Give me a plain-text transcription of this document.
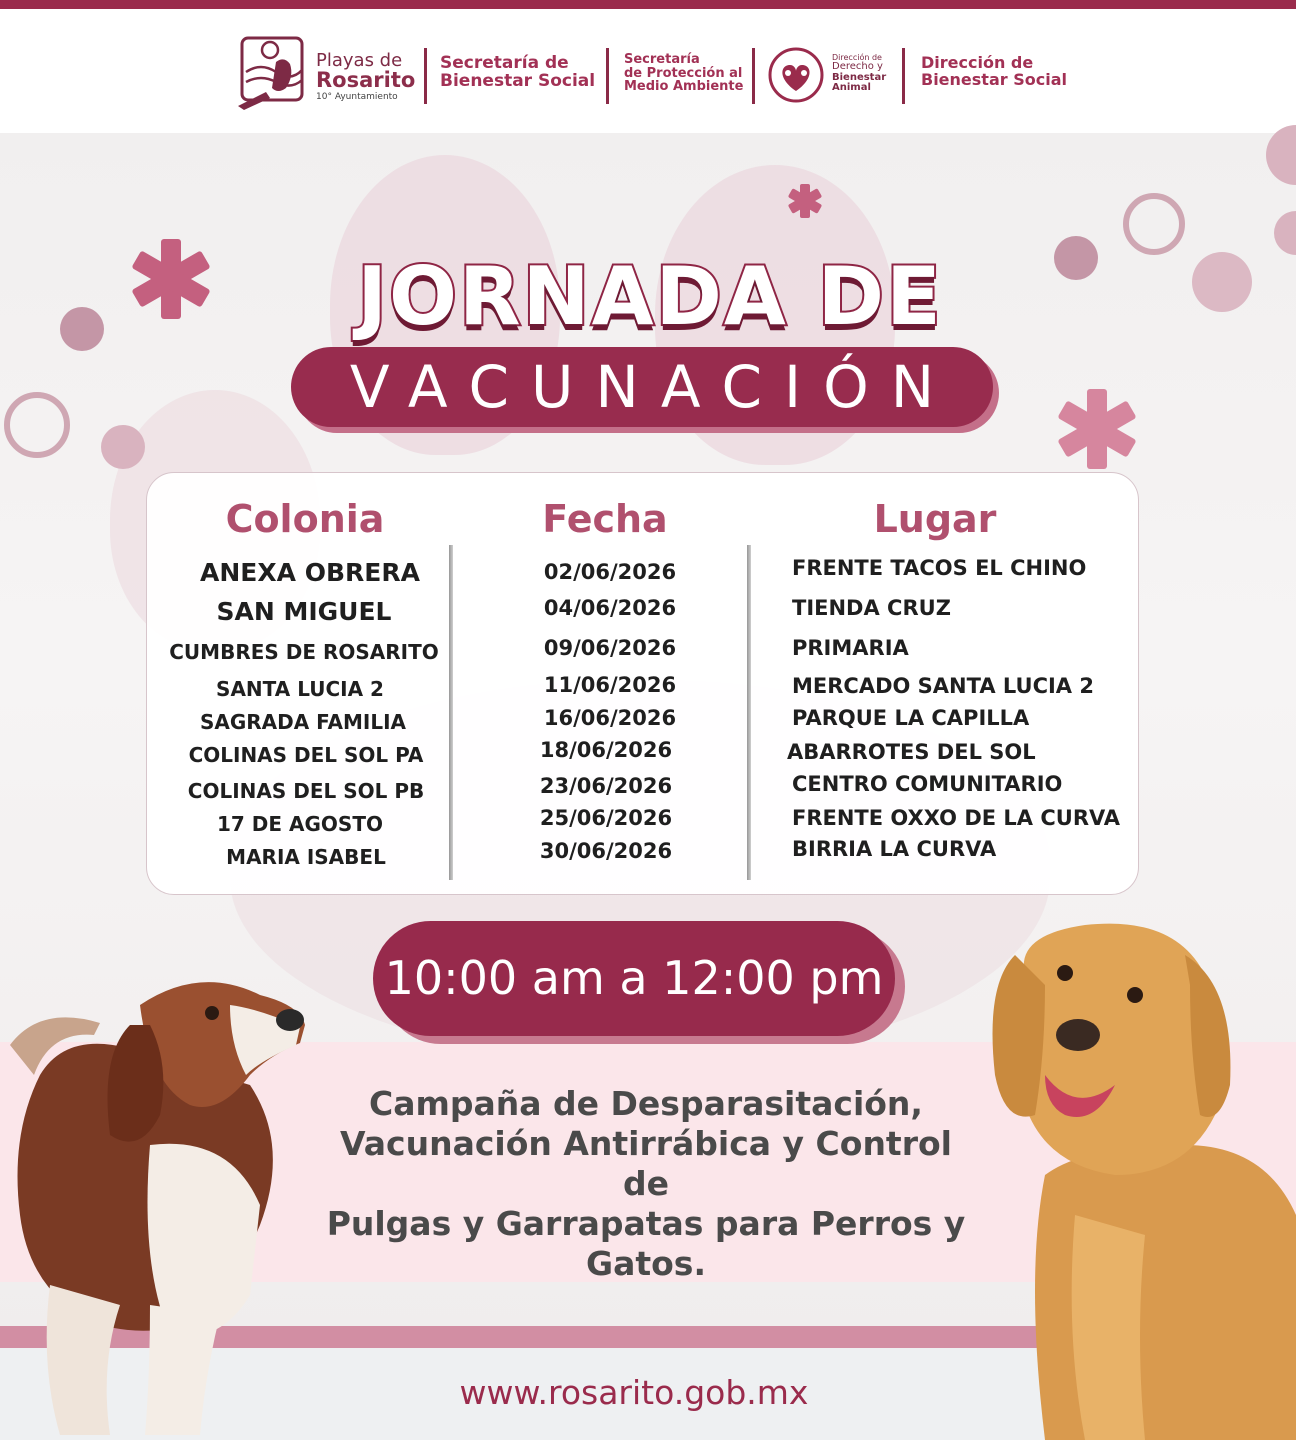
Playas de
Rosarito
10° Ayuntamiento
Secretaría de
Bienestar Social
Secretaría
de Protección al
Medio Ambiente
Dirección de
Derecho y
Bienestar
Animal
Dirección de
Bienestar Social
JORNADA DE
VACUNACIÓN
Colonia	Fecha	Lugar
ANEXA OBRERA
SAN MIGUEL
CUMBRES DE ROSARITO
SANTA LUCIA 2
SAGRADA FAMILIA
COLINAS DEL SOL PA
COLINAS DEL SOL PB
17 DE AGOSTO
MARIA ISABEL
02/06/2026
04/06/2026
09/06/2026
11/06/2026
16/06/2026
18/06/2026
23/06/2026
25/06/2026
30/06/2026
FRENTE TACOS EL CHINO
TIENDA CRUZ
PRIMARIA
MERCADO SANTA LUCIA 2
PARQUE LA CAPILLA
ABARROTES DEL SOL
CENTRO COMUNITARIO
FRENTE OXXO DE LA CURVA
BIRRIA LA CURVA
10:00 am a 12:00 pm
Campaña de Desparasitación,
Vacunación Antirrábica y Control de
Pulgas y Garrapatas para Perros y
Gatos.
www.rosarito.gob.mx
